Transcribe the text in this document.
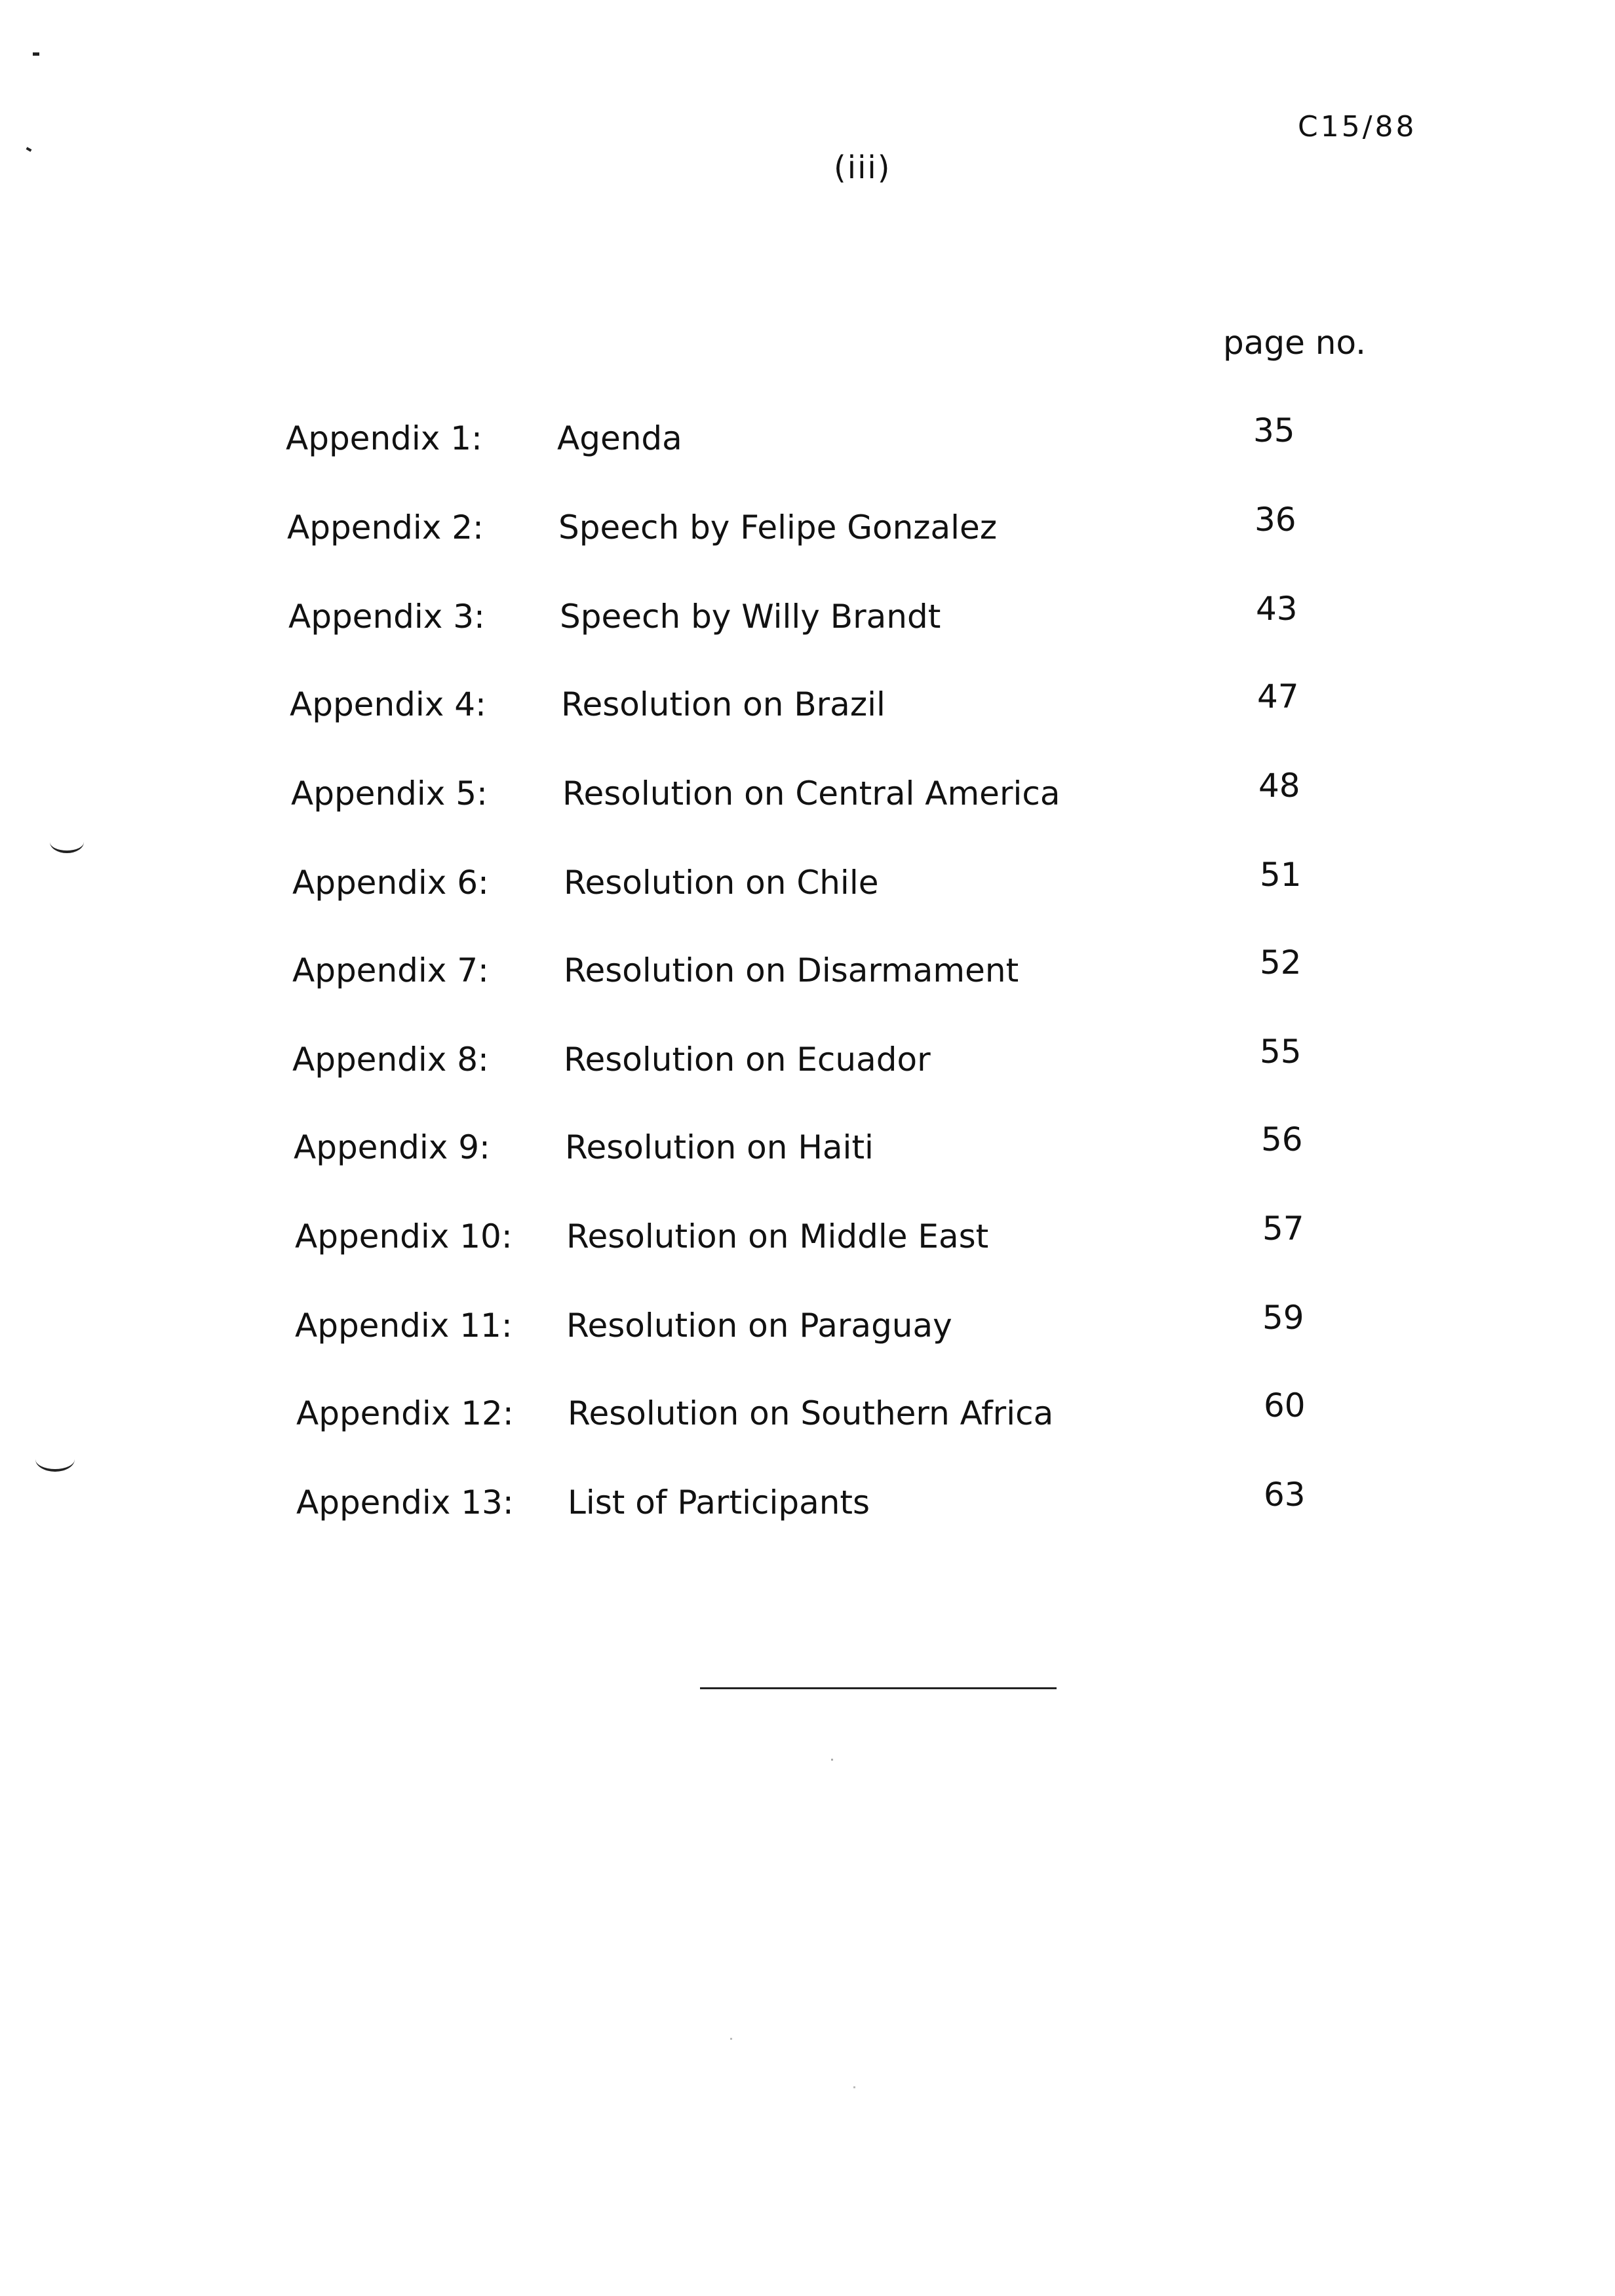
C15/88
(iii)
page no.
Appendix 1: Agenda	35
Appendix 2: Speech by Felipe Gonzalez	36
Appendix 3: Speech by Willy Brandt	43
Appendix 4: Resolution on Brazil	47
Appendix 5: Resolution on Central America	48
Appendix 6: Resolution on Chile	51
Appendix 7: Resolution on Disarmament	52
Appendix 8: Resolution on Ecuador	55
Appendix 9: Resolution on Haiti	56
Appendix 10: Resolution on Middle East	57
Appendix 11: Resolution on Paraguay	59
Appendix 12: Resolution on Southern Africa	60
Appendix 13: List of Participants	63
